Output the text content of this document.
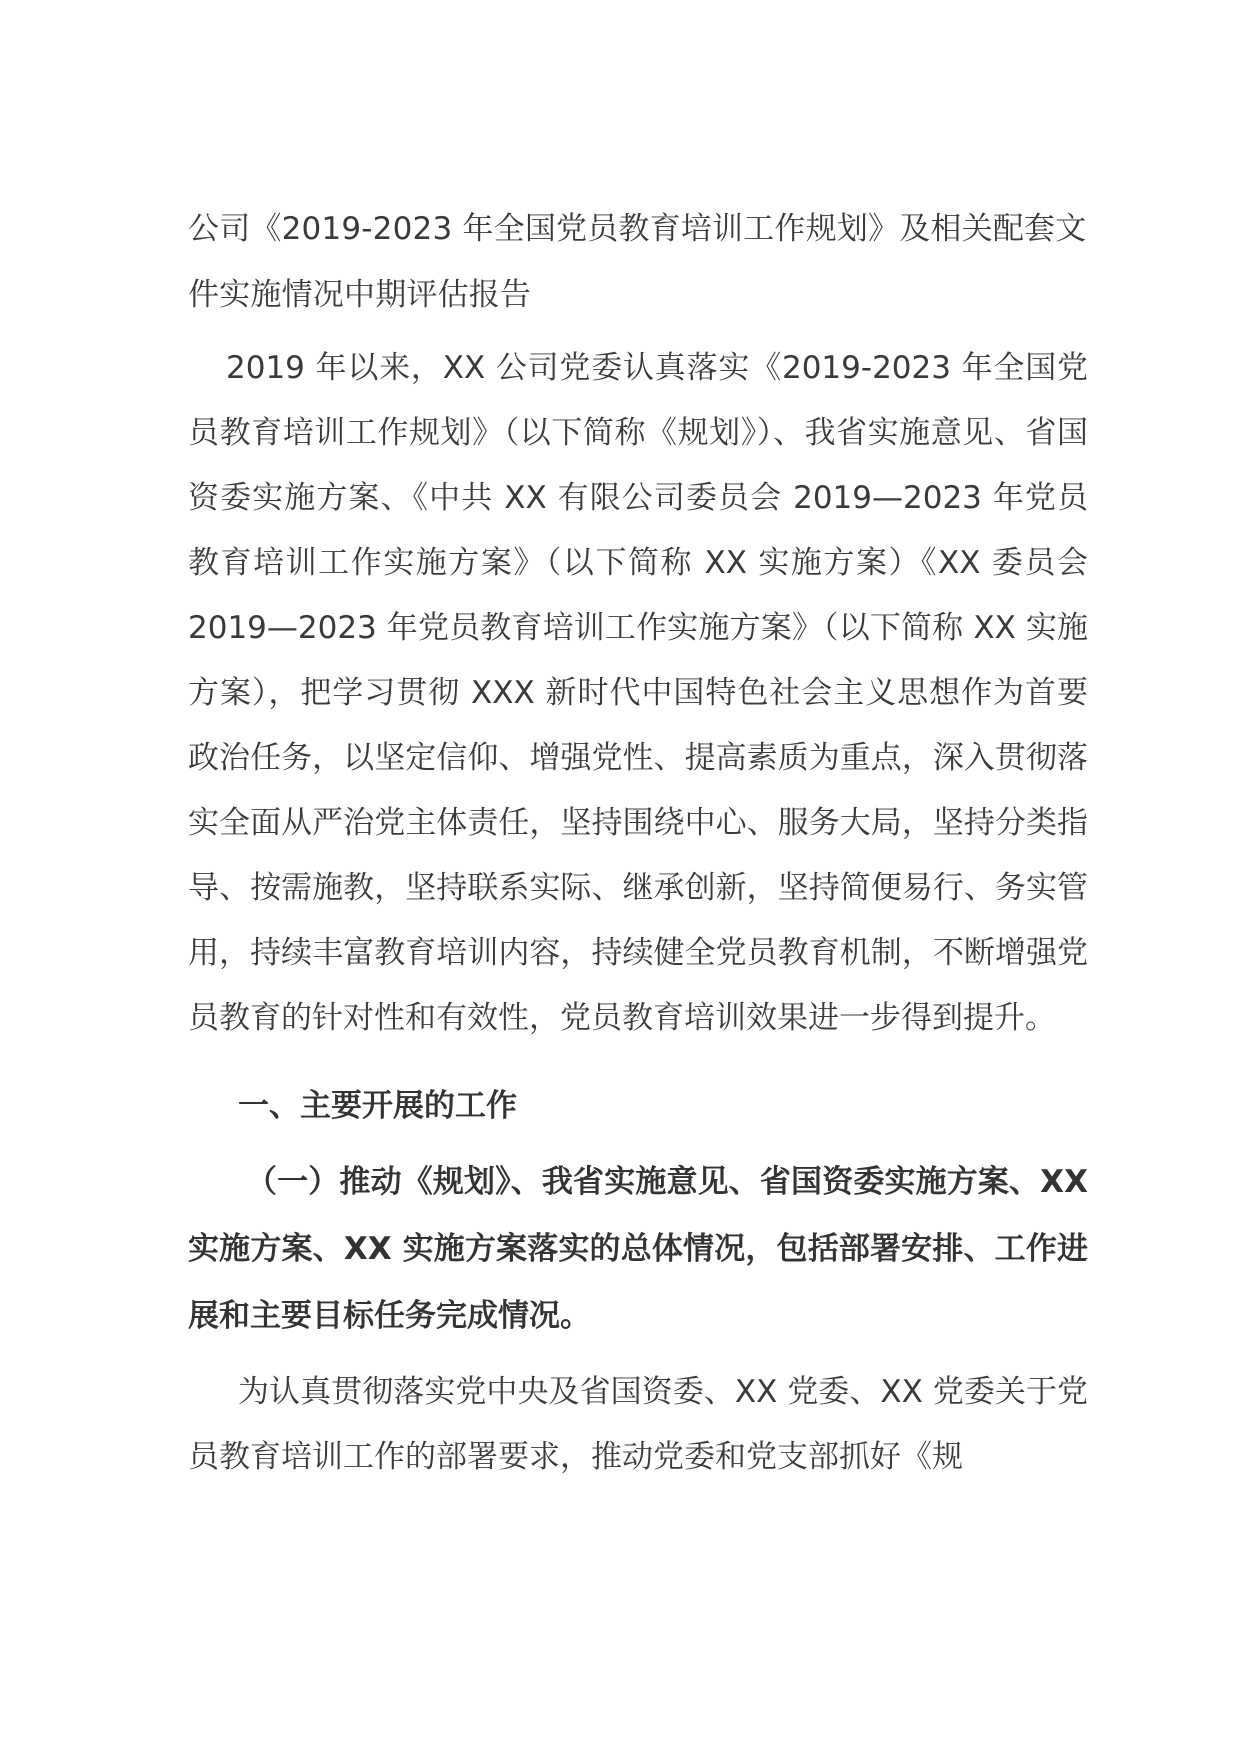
公司《2019-2023 年全国党员教育培训工作规划》及相关配套文件实施情况中期评估报告

2019 年以来，XX 公司党委认真落实《2019-2023 年全国党员教育培训工作规划》（以下简称《规划》）、我省实施意见、省国资委实施方案、《中共 XX 有限公司委员会 2019—2023 年党员教育培训工作实施方案》（以下简称 XX 实施方案）《XX 委员会 2019—2023 年党员教育培训工作实施方案》（以下简称 XX 实施方案），把学习贯彻 XXX 新时代中国特色社会主义思想作为首要政治任务，以坚定信仰、增强党性、提高素质为重点，深入贯彻落实全面从严治党主体责任，坚持围绕中心、服务大局，坚持分类指导、按需施教，坚持联系实际、继承创新，坚持简便易行、务实管用，持续丰富教育培训内容，持续健全党员教育机制，不断增强党员教育的针对性和有效性，党员教育培训效果进一步得到提升。

一、主要开展的工作
（一）推动《规划》、我省实施意见、省国资委实施方案、XX 实施方案、XX 实施方案落实的总体情况，包括部署安排、工作进展和主要目标任务完成情况。

为认真贯彻落实党中央及省国资委、XX 党委、XX 党委关于党员教育培训工作的部署要求，推动党委和党支部抓好《规
